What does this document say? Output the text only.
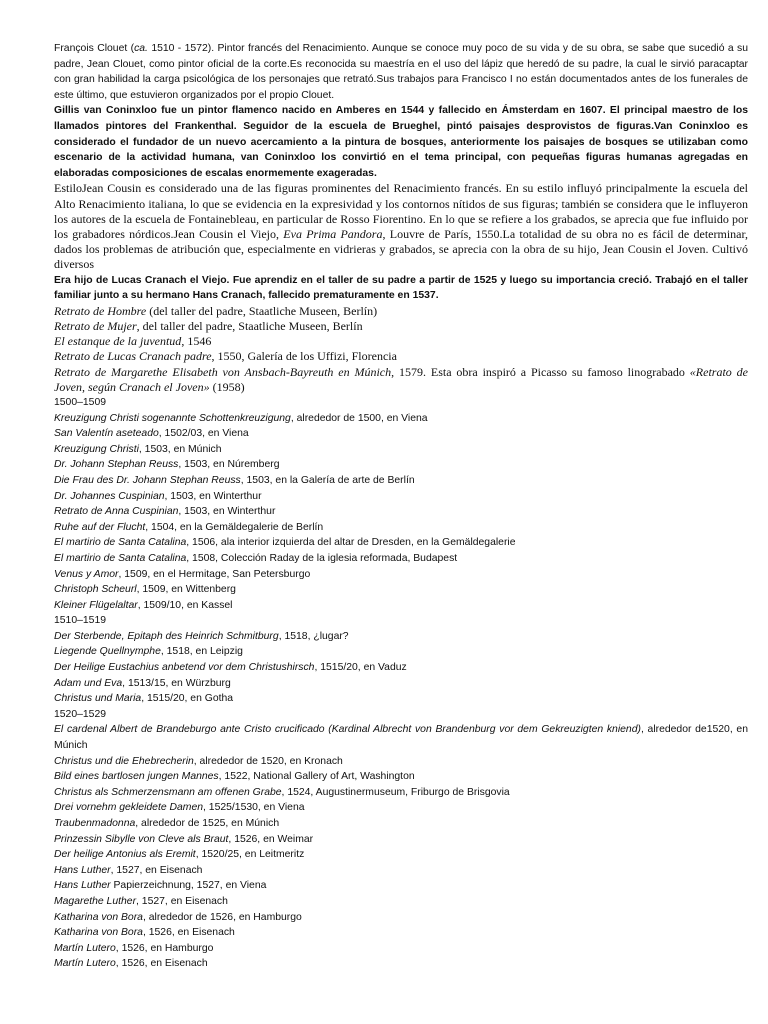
François Clouet (ca. 1510 - 1572). Pintor francés del Renacimiento. Aunque se conoce muy poco de su vida y de su obra, se sabe que sucedió a su padre, Jean Clouet, como pintor oficial de la corte.Es reconocida su maestría en el uso del lápiz que heredó de su padre, la cual le sirvió paracaptar con gran habilidad la carga psicológica de los personajes que retrató.Sus trabajos para Francisco I no están documentados antes de los funerales de este último, que estuvieron organizados por el propio Clouet.

Gillis van Coninxloo fue un pintor flamenco nacido en Amberes en 1544 y fallecido en Ámsterdam en 1607. El principal maestro de los llamados pintores del Frankenthal. Seguidor de la escuela de Brueghel, pintó paisajes desprovistos de figuras.Van Coninxloo es considerado el fundador de un nuevo acercamiento a la pintura de bosques, anteriormente los paisajes de bosques se utilizaban como escenario de la actividad humana, van Coninxloo los convirtió en el tema principal, con pequeñas figuras humanas agregadas en elaboradas composiciones de escalas enormemente exageradas.

EstiloJean Cousin es considerado una de las figuras prominentes del Renacimiento francés. En su estilo influyó principalmente la escuela del Alto Renacimiento italiana, lo que se evidencia en la expresividad y los contornos nítidos de sus figuras; también se considera que le influyeron los autores de la escuela de Fontainebleau, en particular de Rosso Fiorentino. En lo que se refiere a los grabados, se aprecia que fue influido por los grabadores nórdicos.Jean Cousin el Viejo, Eva Prima Pandora, Louvre de París, 1550.La totalidad de su obra no es fácil de determinar, dados los problemas de atribución que, especialmente en vidrieras y grabados, se aprecia con la obra de su hijo, Jean Cousin el Joven. Cultivó diversos

Era hijo de Lucas Cranach el Viejo. Fue aprendiz en el taller de su padre a partir de 1525 y luego su importancia creció. Trabajó en el taller familiar junto a su hermano Hans Cranach, fallecido prematuramente en 1537.

Retrato de Hombre (del taller del padre, Staatliche Museen, Berlín)

Retrato de Mujer, del taller del padre, Staatliche Museen, Berlín

El estanque de la juventud, 1546

Retrato de Lucas Cranach padre, 1550, Galería de los Uffizi, Florencia

Retrato de Margarethe Elisabeth von Ansbach-Bayreuth en Múnich, 1579. Esta obra inspiró a Picasso su famoso linograbado «Retrato de Joven, según Cranach el Joven» (1958)

1500–1509

Kreuzigung Christi sogenannte Schottenkreuzigung, alrededor de 1500, en Viena

San Valentín aseteado, 1502/03, en Viena

Kreuzigung Christi, 1503, en Múnich

Dr. Johann Stephan Reuss, 1503, en Núremberg

Die Frau des Dr. Johann Stephan Reuss, 1503, en la Galería de arte de Berlín

Dr. Johannes Cuspinian, 1503, en Winterthur

Retrato de Anna Cuspinian, 1503, en Winterthur

Ruhe auf der Flucht, 1504, en la Gemäldegalerie de Berlín

El martirio de Santa Catalina, 1506, ala interior izquierda del altar de Dresden, en la Gemäldegalerie

El martirio de Santa Catalina, 1508, Colección Raday de la iglesia reformada, Budapest

Venus y Amor, 1509, en el Hermitage, San Petersburgo

Christoph Scheurl, 1509, en Wittenberg

Kleiner Flügelaltar, 1509/10, en Kassel

1510–1519

Der Sterbende, Epitaph des Heinrich Schmitburg, 1518, ¿lugar?

Liegende Quellnymphe, 1518, en Leipzig

Der Heilige Eustachius anbetend vor dem Christushirsch, 1515/20, en Vaduz

Adam und Eva, 1513/15, en Würzburg

Christus und Maria, 1515/20, en Gotha

1520–1529

El cardenal Albert de Brandeburgo ante Cristo crucificado (Kardinal Albrecht von Brandenburg vor dem Gekreuzigten kniend), alrededor de1520, en Múnich

Christus und die Ehebrecherin, alrededor de 1520, en Kronach

Bild eines bartlosen jungen Mannes, 1522, National Gallery of Art, Washington

Christus als Schmerzensmann am offenen Grabe, 1524, Augustinermuseum, Friburgo de Brisgovia

Drei vornehm gekleidete Damen, 1525/1530, en Viena

Traubenmadonna, alrededor de 1525, en Múnich

Prinzessin Sibylle von Cleve als Braut, 1526, en Weimar

Der heilige Antonius als Eremit, 1520/25, en Leitmeritz

Hans Luther, 1527, en Eisenach

Hans Luther Papierzeichnung, 1527, en Viena

Magarethe Luther, 1527, en Eisenach

Katharina von Bora, alrededor de 1526, en Hamburgo

Katharina von Bora, 1526, en Eisenach

Martín Lutero, 1526, en Hamburgo

Martín Lutero, 1526, en Eisenach
